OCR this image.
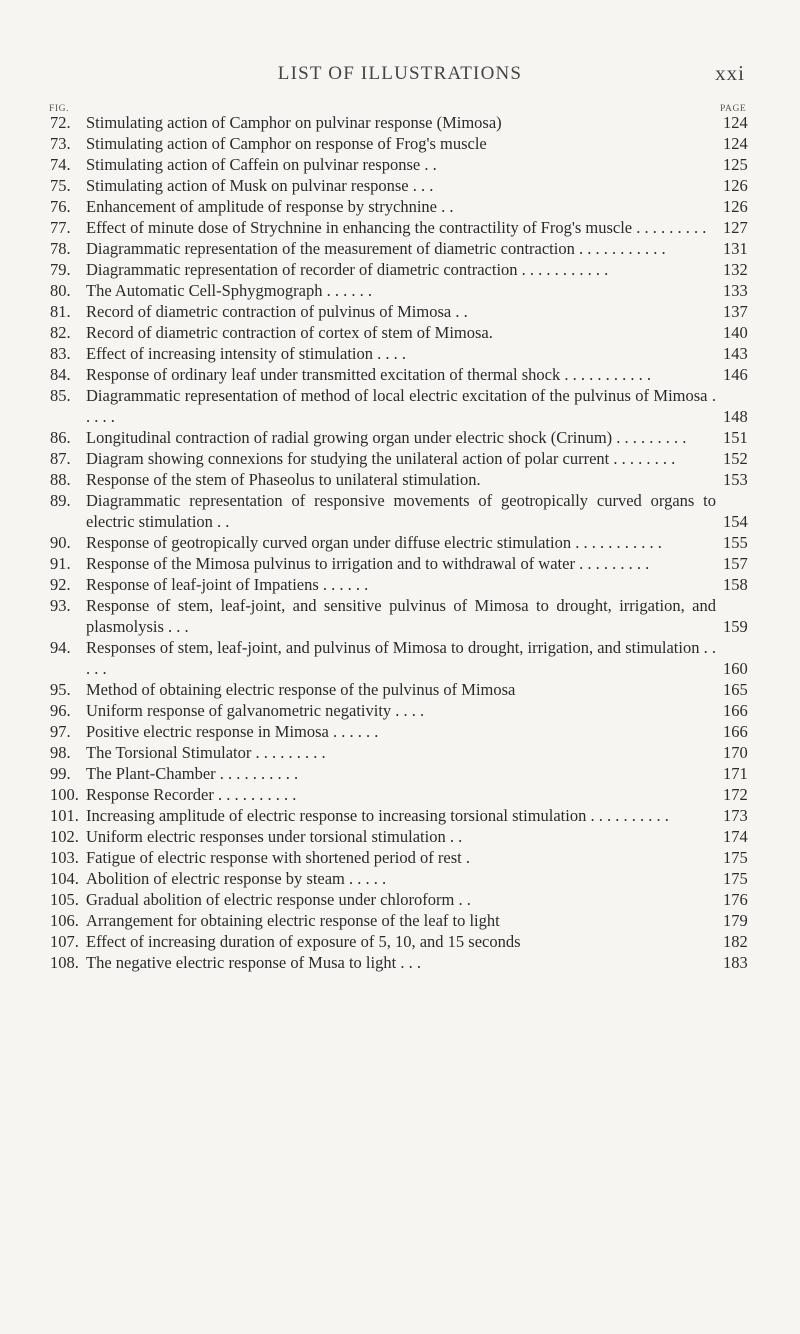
LIST OF ILLUSTRATIONS	xxi
FIG.	PAGE
72. Stimulating action of Camphor on pulvinar response (Mimosa)	124
73. Stimulating action of Camphor on response of Frog's muscle	124
74. Stimulating action of Caffein on pulvinar response . .	125
75. Stimulating action of Musk on pulvinar response . . .	126
76. Enhancement of amplitude of response by strychnine . .	126
77. Effect of minute dose of Strychnine in enhancing the contractility of Frog's muscle . . . . . . . . .	127
78. Diagrammatic representation of the measurement of diametric contraction . . . . . . . . . . .	131
79. Diagrammatic representation of recorder of diametric contraction . . . . . . . . . . .	132
80. The Automatic Cell-Sphygmograph . . . . . .	133
81. Record of diametric contraction of pulvinus of Mimosa . .	137
82. Record of diametric contraction of cortex of stem of Mimosa.	140
83. Effect of increasing intensity of stimulation . . . .	143
84. Response of ordinary leaf under transmitted excitation of thermal shock . . . . . . . . . . .	146
85. Diagrammatic representation of method of local electric excitation of the pulvinus of Mimosa . . . . .	148
86. Longitudinal contraction of radial growing organ under electric shock (Crinum) . . . . . . . . .	151
87. Diagram showing connexions for studying the unilateral action of polar current . . . . . . . .	152
88. Response of the stem of Phaseolus to unilateral stimulation.	153
89. Diagrammatic representation of responsive movements of geotropically curved organs to electric stimulation . .	154
90. Response of geotropically curved organ under diffuse electric stimulation . . . . . . . . . . .	155
91. Response of the Mimosa pulvinus to irrigation and to withdrawal of water . . . . . . . . .	157
92. Response of leaf-joint of Impatiens . . . . . .	158
93. Response of stem, leaf-joint, and sensitive pulvinus of Mimosa to drought, irrigation, and plasmolysis . . .	159
94. Responses of stem, leaf-joint, and pulvinus of Mimosa to drought, irrigation, and stimulation . . . . .	160
95. Method of obtaining electric response of the pulvinus of Mimosa	165
96. Uniform response of galvanometric negativity . . . .	166
97. Positive electric response in Mimosa . . . . . .	166
98. The Torsional Stimulator . . . . . . . . .	170
99. The Plant-Chamber . . . . . . . . . .	171
100. Response Recorder . . . . . . . . . .	172
101. Increasing amplitude of electric response to increasing torsional stimulation . . . . . . . . . .	173
102. Uniform electric responses under torsional stimulation . .	174
103. Fatigue of electric response with shortened period of rest .	175
104. Abolition of electric response by steam . . . . .	175
105. Gradual abolition of electric response under chloroform . .	176
106. Arrangement for obtaining electric response of the leaf to light	179
107. Effect of increasing duration of exposure of 5, 10, and 15 seconds	182
108. The negative electric response of Musa to light . . .	183
